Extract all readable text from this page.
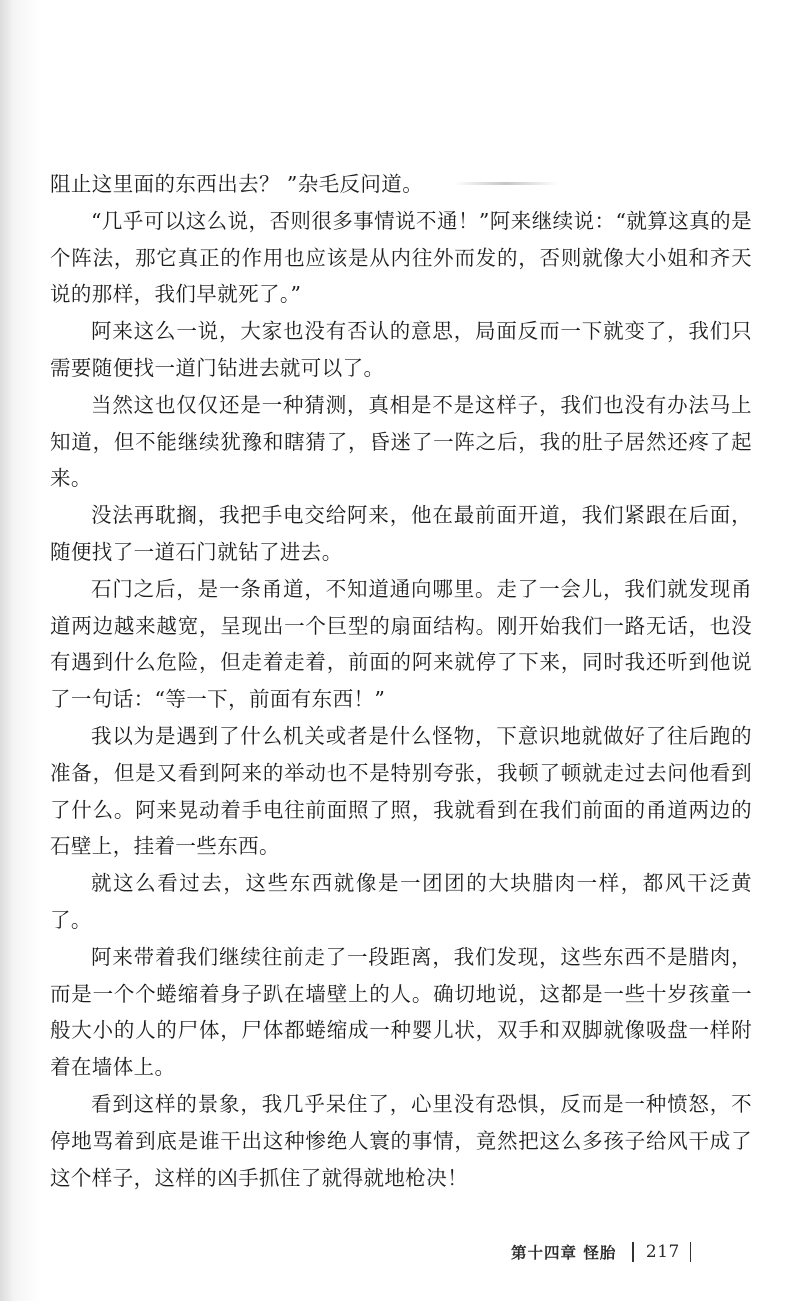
阻止这里面的东西出去？ ”杂毛反问道。

“几乎可以这么说，否则很多事情说不通！”阿来继续说：“就算这真的是个阵法，那它真正的作用也应该是从内往外而发的，否则就像大小姐和齐天说的那样，我们早就死了。”

阿来这么一说，大家也没有否认的意思，局面反而一下就变了，我们只需要随便找一道门钻进去就可以了。

当然这也仅仅还是一种猜测，真相是不是这样子，我们也没有办法马上知道，但不能继续犹豫和瞎猜了，昏迷了一阵之后，我的肚子居然还疼了起来。

没法再耽搁，我把手电交给阿来，他在最前面开道，我们紧跟在后面，随便找了一道石门就钻了进去。

石门之后，是一条甬道，不知道通向哪里。走了一会儿，我们就发现甬道两边越来越宽，呈现出一个巨型的扇面结构。刚开始我们一路无话，也没有遇到什么危险，但走着走着，前面的阿来就停了下来，同时我还听到他说了一句话：“等一下，前面有东西！”

我以为是遇到了什么机关或者是什么怪物，下意识地就做好了往后跑的准备，但是又看到阿来的举动也不是特别夸张，我顿了顿就走过去问他看到了什么。阿来晃动着手电往前面照了照，我就看到在我们前面的甬道两边的石壁上，挂着一些东西。

就这么看过去，这些东西就像是一团团的大块腊肉一样，都风干泛黄了。

阿来带着我们继续往前走了一段距离，我们发现，这些东西不是腊肉，而是一个个蜷缩着身子趴在墙壁上的人。确切地说，这都是一些十岁孩童一般大小的人的尸体，尸体都蜷缩成一种婴儿状，双手和双脚就像吸盘一样附着在墙体上。

看到这样的景象，我几乎呆住了，心里没有恐惧，反而是一种愤怒，不停地骂着到底是谁干出这种惨绝人寰的事情，竟然把这么多孩子给风干成了这个样子，这样的凶手抓住了就得就地枪决！

第十四章 怪胎 217
